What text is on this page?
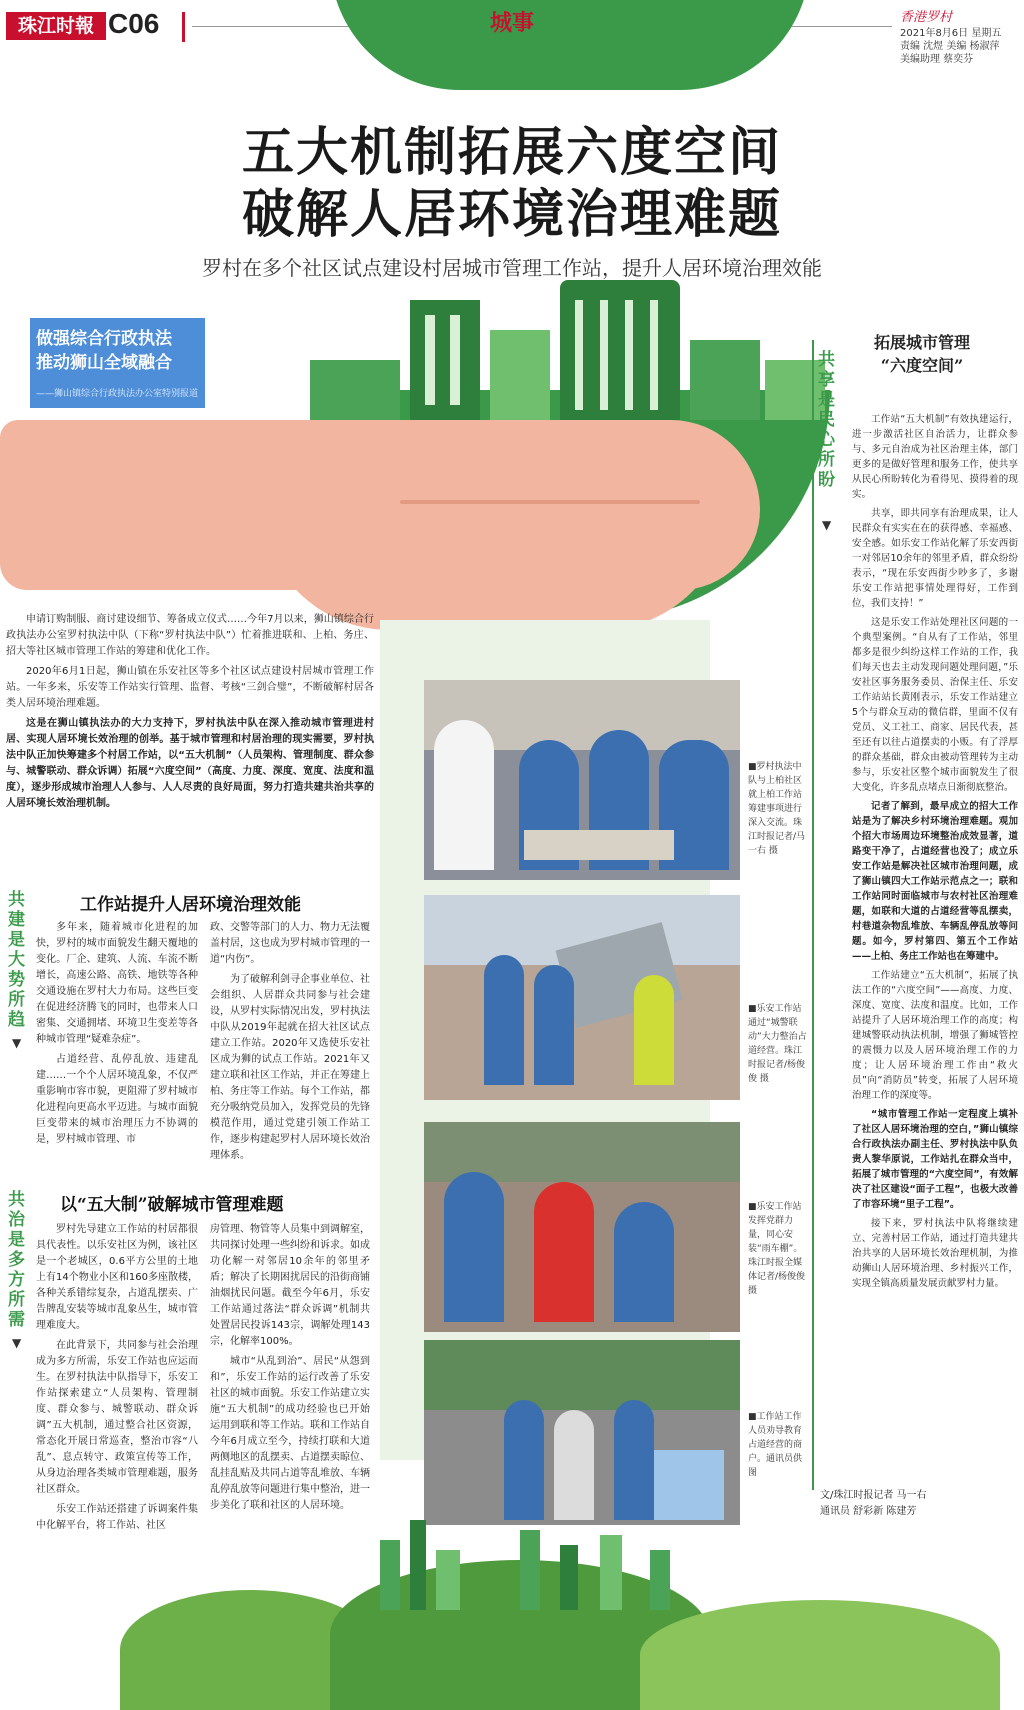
珠江时報 C06	城事	香港罗村
2021年8月6日 星期五
责编 沈煜 美编 杨淑萍
美编助理 蔡奕芬
五大机制拓展六度空间
破解人居环境治理难题
罗村在多个社区试点建设村居城市管理工作站，提升人居环境治理效能
做强综合行政执法
推动狮山全域融合
——狮山镇综合行政执法办公室特别报道

申请订购制服、商讨建设细节、筹备成立仪式……今年7月以来，狮山镇综合行政执法办公室罗村执法中队（下称“罗村执法中队”）忙着推进联和、上柏、务庄、招大等社区城市管理工作站的筹建和优化工作。

2020年6月1日起，狮山镇在乐安社区等多个社区试点建设村居城市管理工作站。一年多来，乐安等工作站实行管理、监督、考核“三剑合璧”，不断破解村居各类人居环境治理难题。

这是在狮山镇执法办的大力支持下，罗村执法中队在深入推动城市管理进村居、实现人居环境长效治理的创举。基于城市管理和村居治理的现实需要，罗村执法中队正加快筹建多个村居工作站，以“五大机制”（人员架构、管理制度、群众参与、城警联动、群众诉调）拓展“六度空间”（高度、力度、深度、宽度、法度和温度），逐步形成城市治理人人参与、人人尽责的良好局面，努力打造共建共治共享的人居环境长效治理机制。

共建是大势所趋
▼
共治是多方所需
▼
共享是民心所盼
▼
工作站提升人居环境治理效能

多年来，随着城市化进程的加快，罗村的城市面貌发生翻天覆地的变化。厂企、建筑、人流、车流不断增长，高速公路、高铁、地铁等各种交通设施在罗村大力布局。这些巨变在促进经济腾飞的同时，也带来人口密集、交通拥堵、环境卫生变差等各种城市管理“疑难杂症”。

占道经营、乱停乱放、违建乱建……一个个人居环境乱象，不仅严重影响市容市貌，更阻滞了罗村城市化进程向更高水平迈进。与城市面貌巨变带来的城市治理压力不协调的是，罗村城市管理、市

政、交警等部门的人力、物力无法覆盖村居，这也成为罗村城市管理的一道“内伤”。

为了破解利剑寻企事业单位、社会组织、人居群众共同参与社会建设，从罗村实际情况出发，罗村执法中队从2019年起就在招大社区试点建立工作站。2020年又选使乐安社区成为狮的试点工作站。2021年又建立联和社区工作站，并正在筹建上柏、务庄等工作站。每个工作站，都充分吸纳党员加入，发挥党员的先锋模范作用，通过党建引领工作站工作，逐步构建起罗村人居环境长效治理体系。

以“五大制”破解城市管理难题

罗村先导建立工作站的村居都很具代表性。以乐安社区为例，该社区是一个老城区，0.6平方公里的土地上有14个物业小区和160多座散楼，各种关系错综复杂，占道乱摆卖、广告牌乱安装等城市乱象丛生，城市管理难度大。

在此背景下，共同参与社会治理成为多方所需，乐安工作站也应运而生。在罗村执法中队指导下，乐安工作站探索建立“人员架构、管理制度、群众参与、城警联动、群众诉调”五大机制，通过整合社区资源，常态化开展日常巡查，整治市容“八乱”、息点转守、政策宣传等工作，从身边治理各类城市管理难题，服务社区群众。

乐安工作站还搭建了诉调案件集中化解平台，将工作站、社区

房管理、物管等人员集中到调解室，共同探讨处理一些纠纷和诉求。如成功化解一对邻居10余年的邻里矛盾；解决了长期困扰居民的沿街商铺油烟扰民问题。截至今年6月，乐安工作站通过落法“群众诉调”机制共处置居民投诉143宗，调解处理143宗，化解率100%。

城市“从乱到治”、居民“从怨到和”，乐安工作站的运行改善了乐安社区的城市面貌。乐安工作站建立实施“五大机制”的成功经验也已开始运用到联和等工作站。联和工作站自今年6月成立至今，持续打联和大道两侧地区的乱摆卖、占道摆卖晾位、乱挂乱贴及共同占道等乱堆放、车辆乱停乱放等问题进行集中整治，进一步美化了联和社区的人居环境。

■罗村执法中队与上柏社区就上柏工作站筹建事项进行深入交流。珠江时报记者/马一右 摄
■乐安工作站通过“城警联动”大力整治占道经营。珠江时报记者/杨俊俊 摄
■乐安工作站发挥党群力量，同心安装“雨车棚”。珠江时报全媒体记者/杨俊俊 摄
■工作站工作人员劝导教育占道经营的商户。通讯员供图
拓展城市管理
“六度空间”

工作站“五大机制”有效执建运行，进一步激活社区自治活力，让群众参与、多元自治成为社区治理主体，部门更多的是做好管理和服务工作，使共享从民心所盼转化为看得见、摸得着的现实。

共享，即共同享有治理成果，让人民群众有实实在在的获得感、幸福感、安全感。如乐安工作站化解了乐安西街一对邻居10余年的邻里矛盾，群众纷纷表示，“现在乐安西街少吵多了，多谢乐安工作站把事情处理得好，工作到位，我们支持！”

这是乐安工作站处理社区问题的一个典型案例。“自从有了工作站，邻里都多是很少纠纷这样工作站的工作，我们每天也去主动发现问题处理问题，”乐安社区事务服务委员、治保主任、乐安工作站站长黄刚表示，乐安工作站建立5个与群众互动的微信群，里面不仅有党员、义工社工、商家、居民代表，甚至还有以往占道摆卖的小贩。有了浮厚的群众基础，群众由被动管理转为主动参与，乐安社区整个城市面貌发生了很大变化，许多乱点堵点日渐彻底整治。

记者了解到，最早成立的招大工作站是为了解决乡村环境治理难题。观加个招大市场周边环境整治成效显著，道路变干净了，占道经营也没了；成立乐安工作站是解决社区城市治理问题，成了狮山镇四大工作站示范点之一；联和工作站同时面临城市与农村社区治理难题，如联和大道的占道经营等乱摆卖，村巷道杂物乱堆放、车辆乱停乱放等问题。如今，罗村第四、第五个工作站——上柏、务庄工作站也在筹建中。

工作站建立“五大机制”，拓展了执法工作的“六度空间”——高度、力度、深度、宽度、法度和温度。比如，工作站提升了人居环境治理工作的高度；构建城警联动执法机制，增强了狮城管控的震慑力以及人居环境治理工作的力度；让人居环境治理工作由“救火员”向“消防员”转变，拓展了人居环境治理工作的深度等。

“城市管理工作站一定程度上填补了社区人居环境治理的空白，”狮山镇综合行政执法办副主任、罗村执法中队负责人黎华原说，工作站扎在群众当中，拓展了城市管理的“六度空间”，有效解决了社区建设“面子工程”，也极大改善了市容环境“里子工程”。

接下来，罗村执法中队将继续建立、完善村居工作站，通过打造共建共治共享的人居环境长效治理机制，为推动狮山人居环境治理、乡村振兴工作，实现全镇高质量发展贡献罗村力量。

文/珠江时报记者 马一右
通讯员 舒彩新 陈建芳
